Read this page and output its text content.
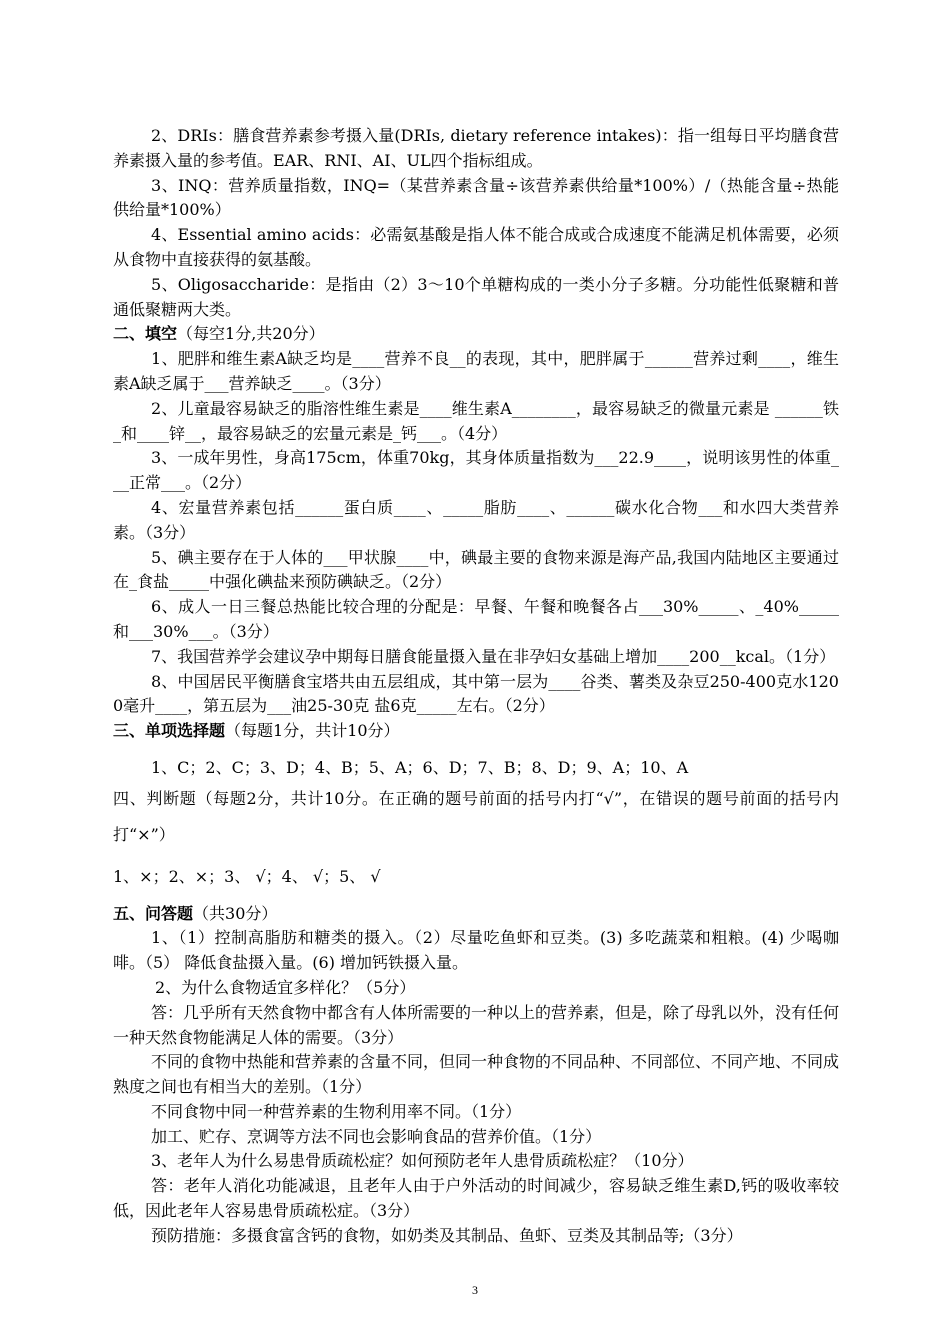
2、DRIs：膳食营养素参考摄入量(DRIs, dietary reference intakes)：指一组每日平均膳食营养素摄入量的参考值。EAR、RNI、AI、UL四个指标组成。

3、INQ：营养质量指数，INQ=（某营养素含量÷该营养素供给量*100%）/（热能含量÷热能供给量*100%）

4、Essential amino acids：必需氨基酸是指人体不能合成或合成速度不能满足机体需要，必须从食物中直接获得的氨基酸。

5、Oligosaccharide：是指由（2）3～10个单糖构成的一类小分子多糖。分功能性低聚糖和普通低聚糖两大类。

二、填空（每空1分,共20分）

1、肥胖和维生素A缺乏均是____营养不良__的表现，其中，肥胖属于______营养过剩____，维生素A缺乏属于___营养缺乏____。（3分）

2、儿童最容易缺乏的脂溶性维生素是____维生素A________，最容易缺乏的微量元素是 ______铁_和____锌__，最容易缺乏的宏量元素是_钙___。（4分）

3、一成年男性，身高175cm，体重70kg，其身体质量指数为___22.9____，说明该男性的体重___正常___。（2分）

4、宏量营养素包括______蛋白质____、_____脂肪____、______碳水化合物___和水四大类营养素。（3分）

5、碘主要存在于人体的___甲状腺____中，碘最主要的食物来源是海产品,我国内陆地区主要通过在_食盐_____中强化碘盐来预防碘缺乏。（2分）

6、成人一日三餐总热能比较合理的分配是：早餐、午餐和晚餐各占___30%_____、_40%_____和___30%___。（3分）

7、我国营养学会建议孕中期每日膳食能量摄入量在非孕妇女基础上增加____200__kcal。（1分）

8、中国居民平衡膳食宝塔共由五层组成，其中第一层为____谷类、薯类及杂豆250-400克水1200毫升____，第五层为___油25-30克 盐6克_____左右。（2分）

三、单项选择题（每题1分，共计10分）

1、C；2、C；3、D；4、B；5、A；6、D；7、B；8、D；9、A；10、A

四、判断题（每题2分，共计10分。在正确的题号前面的括号内打“√”，在错误的题号前面的括号内打“×”）

1、×；2、×；3、 √；4、 √；5、 √

五、问答题（共30分）

1、（1）控制高脂肪和糖类的摄入。（2）尽量吃鱼虾和豆类。(3) 多吃蔬菜和粗粮。(4) 少喝咖啡。（5） 降低食盐摄入量。(6) 增加钙铁摄入量。

2、为什么食物适宜多样化？（5分）

答：几乎所有天然食物中都含有人体所需要的一种以上的营养素，但是，除了母乳以外，没有任何一种天然食物能满足人体的需要。（3分）

不同的食物中热能和营养素的含量不同，但同一种食物的不同品种、不同部位、不同产地、不同成熟度之间也有相当大的差别。（1分）

不同食物中同一种营养素的生物利用率不同。（1分）

加工、贮存、烹调等方法不同也会影响食品的营养价值。（1分）

3、老年人为什么易患骨质疏松症？如何预防老年人患骨质疏松症？（10分）

答：老年人消化功能减退，且老年人由于户外活动的时间减少，容易缺乏维生素D,钙的吸收率较低，因此老年人容易患骨质疏松症。（3分）

预防措施：多摄食富含钙的食物，如奶类及其制品、鱼虾、豆类及其制品等;（3分）

3
